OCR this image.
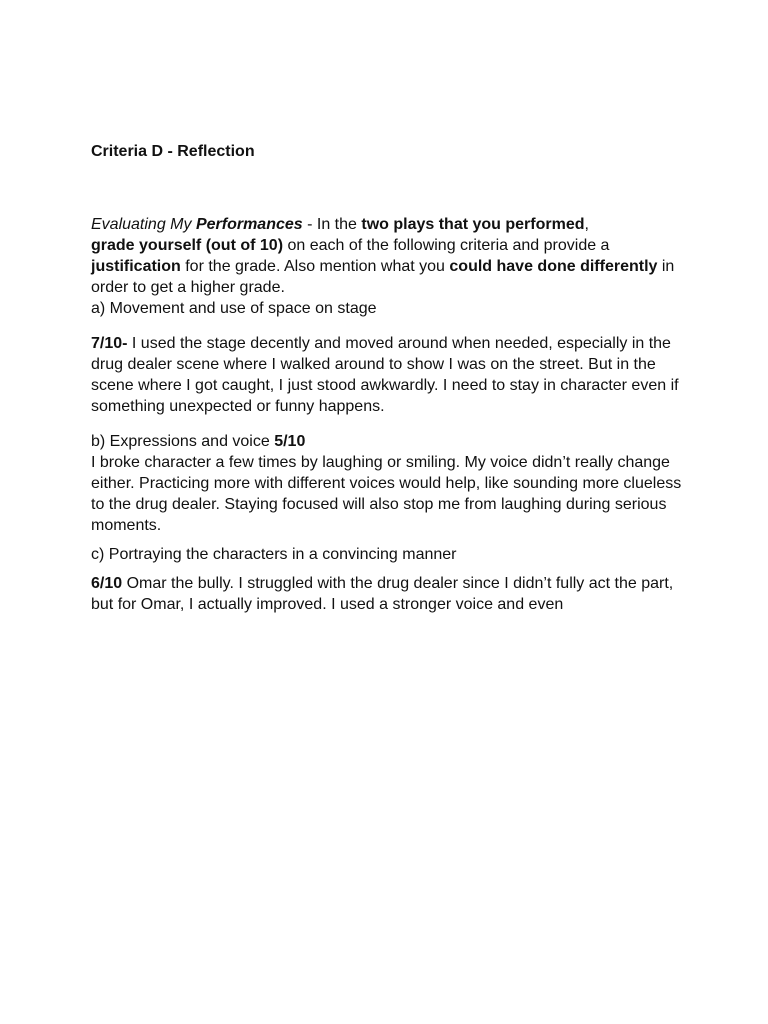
Criteria D - Reflection

Evaluating My Performances - In the two plays that you performed,
grade yourself (out of 10) on each of the following criteria and provide a
justification for the grade. Also mention what you could have done differently in order to get a higher grade.

a) Movement and use of space on stage

7/10- I used the stage decently and moved around when needed, especially in the drug dealer scene where I walked around to show I was on the street. But in the scene where I got caught, I just stood awkwardly. I need to stay in character even if something unexpected or funny happens.

b) Expressions and voice 5/10

I broke character a few times by laughing or smiling. My voice didn’t really change either. Practicing more with different voices would help, like sounding more clueless to the drug dealer. Staying focused will also stop me from laughing during serious moments.

c) Portraying the characters in a convincing manner

6/10 Omar the bully. I struggled with the drug dealer since I didn’t fully act the part, but for Omar, I actually improved. I used a stronger voice and even
